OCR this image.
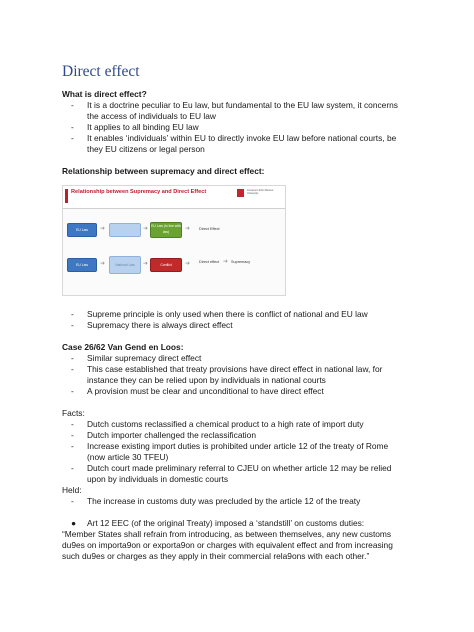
Direct effect
What is direct effect?
- It is a doctrine peculiar to Eu law, but fundamental to the EU law system, it concerns
the access of individuals to EU law
- It applies to all binding EU law
- It enables ‘individuals’ within EU to directly invoke EU law before national courts, be
they EU citizens or legal person
Relationship between supremacy and direct effect:
Relationship between Supremacy and Direct Effect	Liverpool John Moores University
EU Law	➜	➜ EU Law (in line with law)	➜ Direct Effect
EU Law	➜	National Law	➜	Conflict	➜ Direct effect ➜ Supremacy
- Supreme principle is only used when there is conflict of national and EU law
- Supremacy there is always direct effect
Case 26/62 Van Gend en Loos:
- Similar supremacy direct effect
- This case established that treaty provisions have direct effect in national law, for
instance they can be relied upon by individuals in national courts
- A provision must be clear and unconditional to have direct effect
Facts:
- Dutch customs reclassified a chemical product to a high rate of import duty
- Dutch importer challenged the reclassification
- Increase existing import duties is prohibited under article 12 of the treaty of Rome
(now article 30 TFEU)
- Dutch court made preliminary referral to CJEU on whether article 12 may be relied
upon by individuals in domestic courts
Held:
- The increase in customs duty was precluded by the article 12 of the treaty
● Art 12 EEC (of the original Treaty) imposed a ‘standstill’ on customs duties:
“Member States shall refrain from introducing, as between themselves, any new customs
du9es on importa9on or exporta9on or charges with equivalent effect and from increasing
such du9es or charges as they apply in their commercial rela9ons with each other.”
